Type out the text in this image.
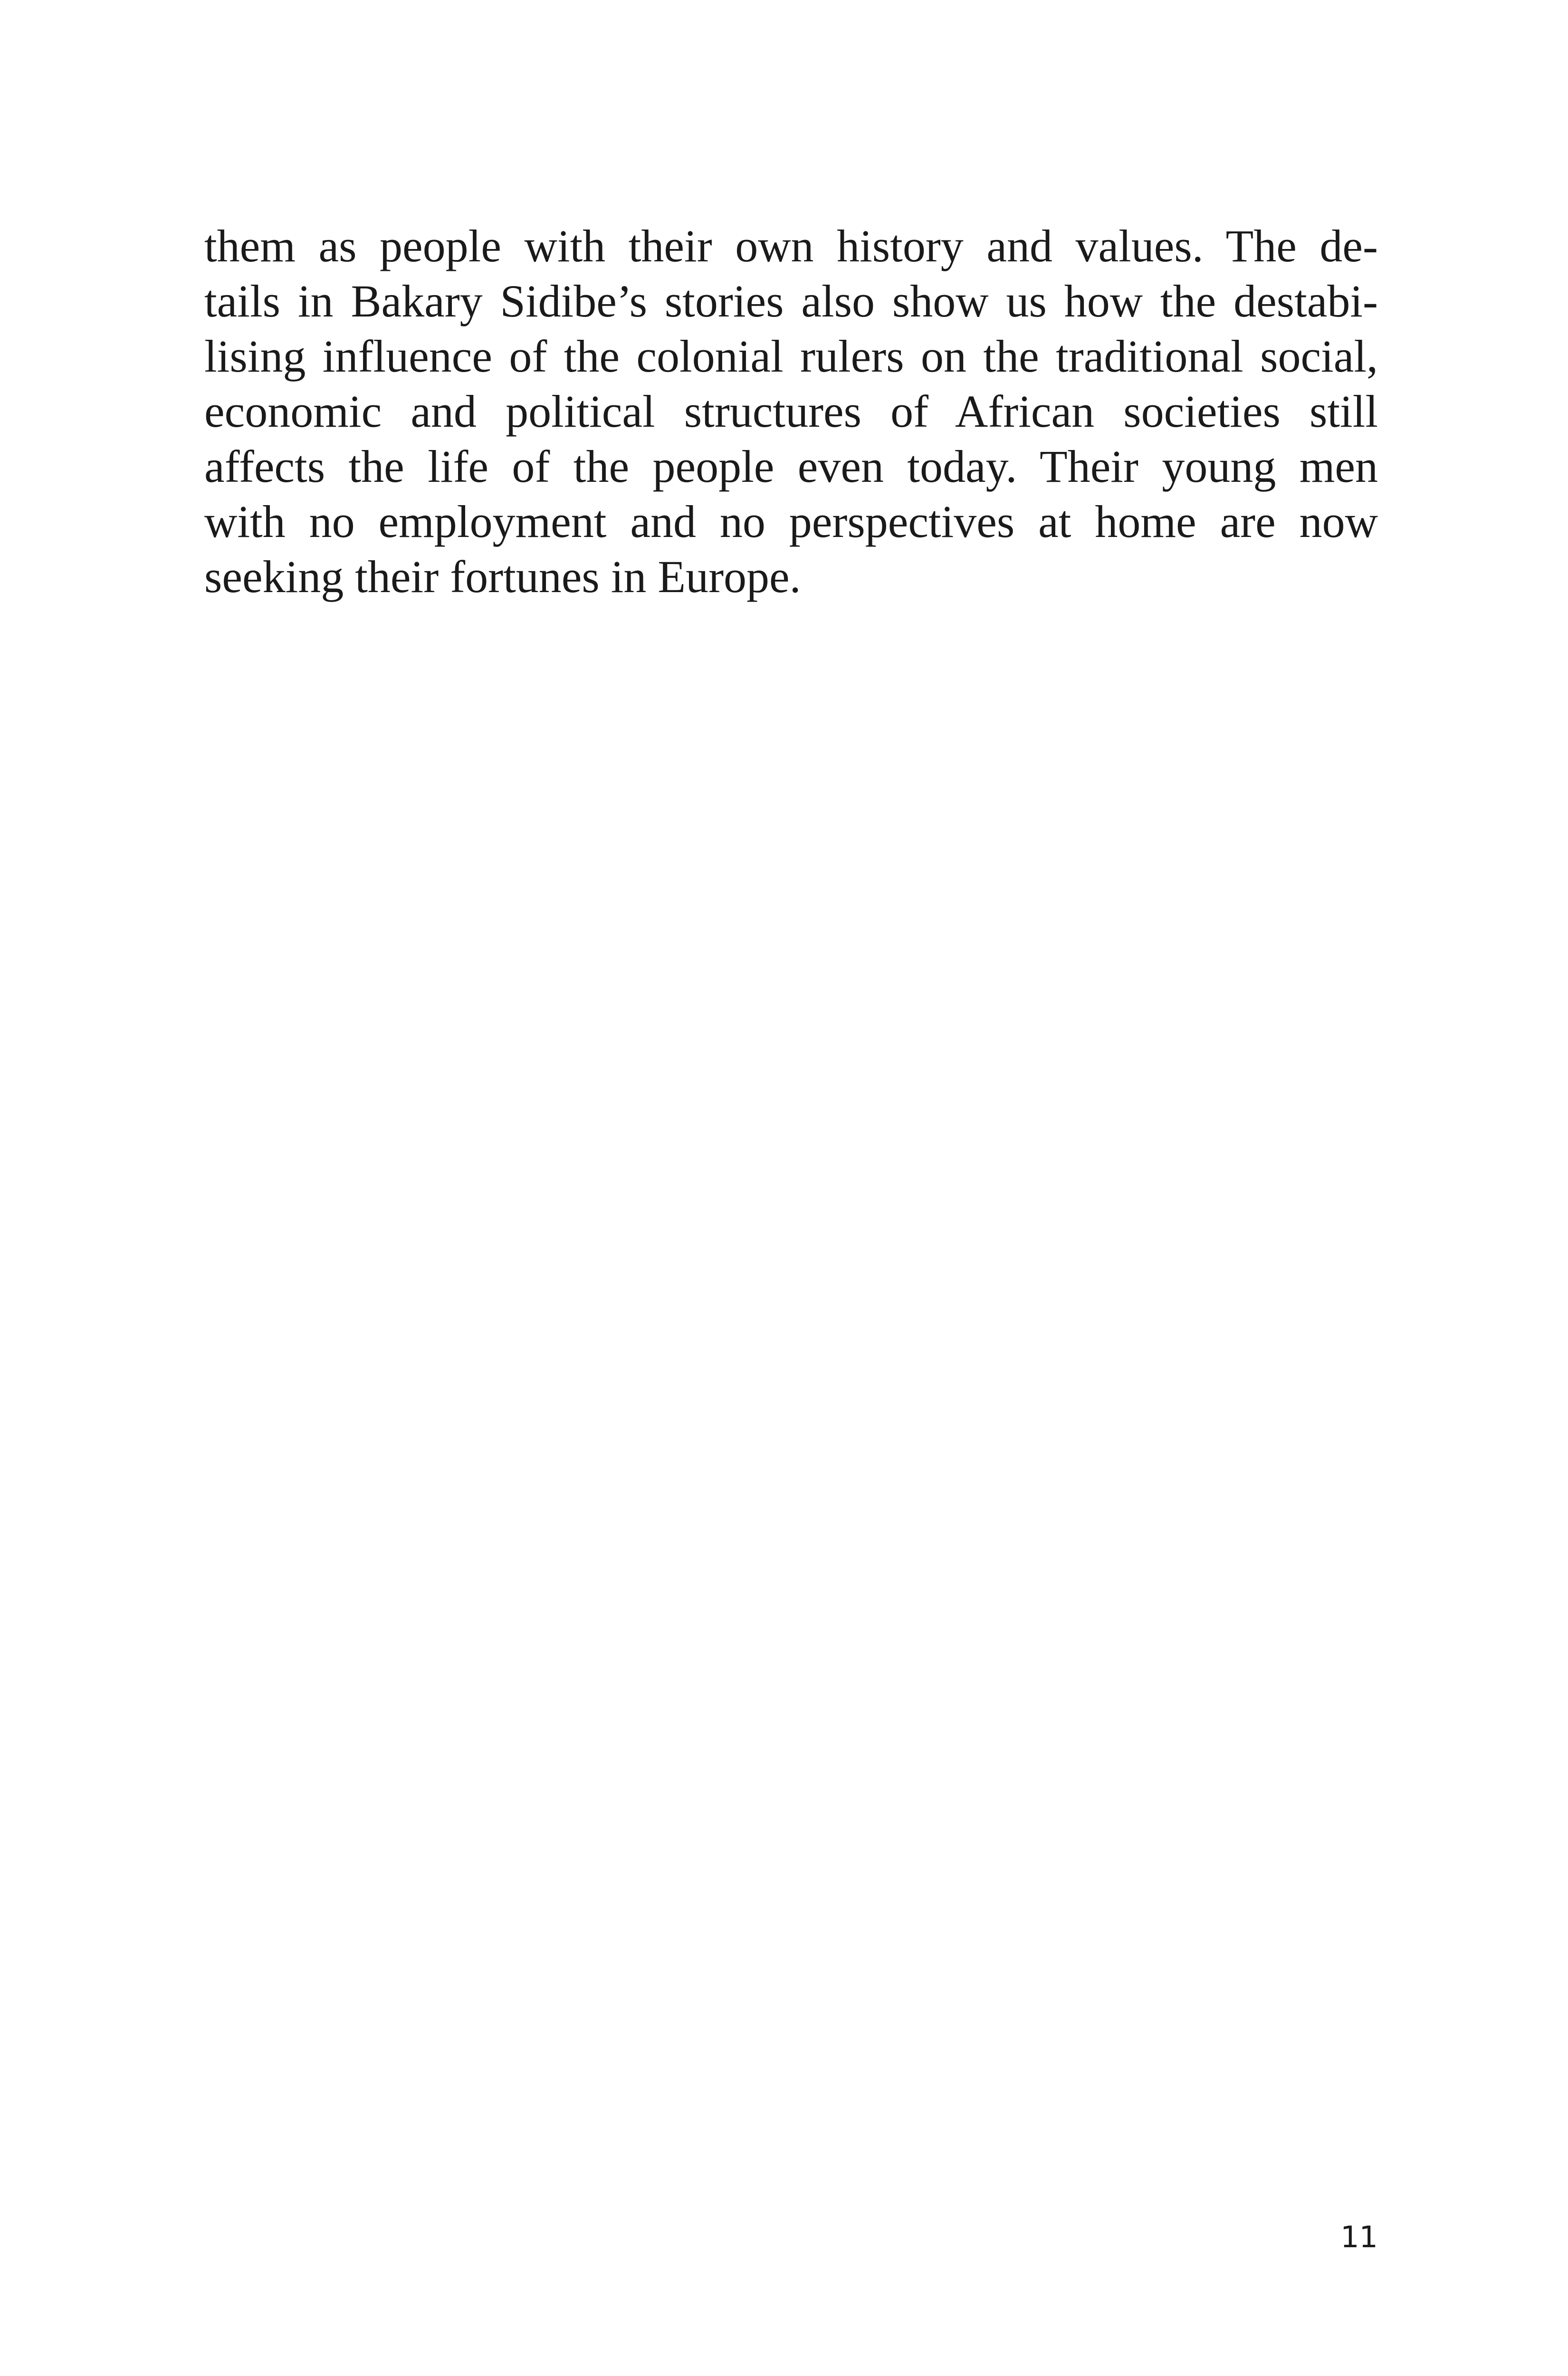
them as people with their own history and values. The de-
tails in Bakary Sidibe’s stories also show us how the destabi-
lising influence of the colonial rulers on the traditional social,
economic and political structures of African societies still
affects the life of the people even today. Their young men
with no employment and no perspectives at home are now
seeking their fortunes in Europe.
11
